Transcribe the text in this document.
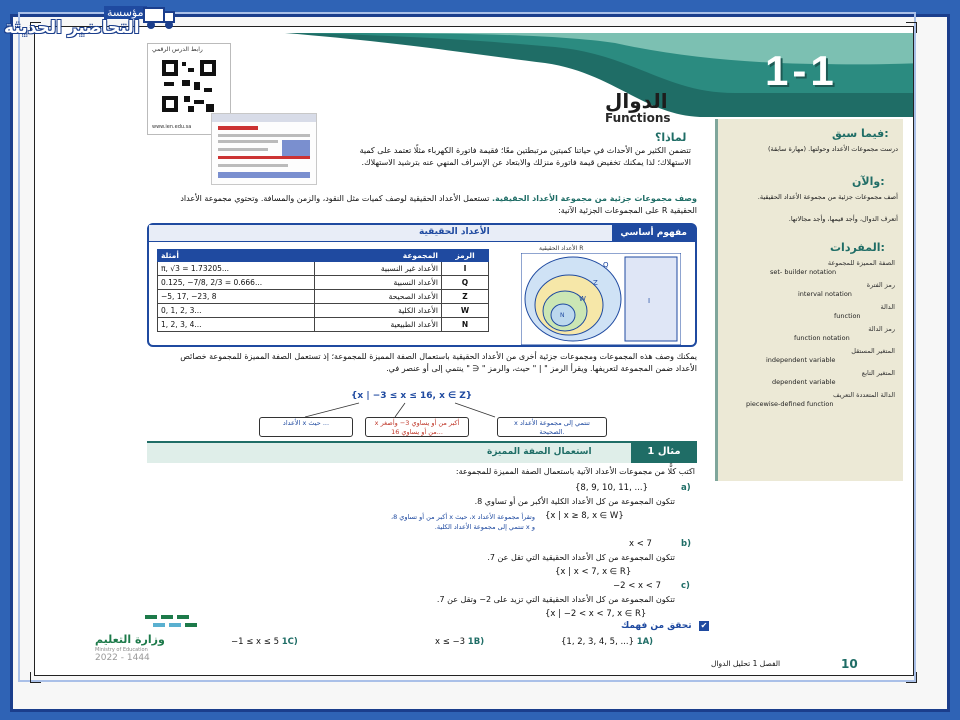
مؤسسة
التحاضير الحديثة
1-1
رابط الدرس الرقمي
www.ien.edu.sa
الدوال
Functions
لماذا؟
تتضمن الكثير من الأحداث في حياتنا كميتين مرتبطتين معًا؛ فقيمة فاتورة الكهرباء مثلًا تعتمد على كمية الاستهلاك؛ لذا يمكنك تخفيض قيمة فاتورة منزلك والابتعاد عن الإسراف المنهي عنه بترشيد الاستهلاك.
وصف مجموعات جزئية من مجموعة الأعداد الحقيقية. تستعمل الأعداد الحقيقية لوصف كميات مثل النقود، والزمن والمسافة. وتحتوي مجموعة الأعداد الحقيقية R على المجموعات الجزئية الآتية:
مفهوم أساسي
الأعداد الحقيقية
أمثلة	المجموعة	الرمز
π, √3 = 1.73205...	الأعداد غير النسبية	I
0.125, −7/8, 2/3 = 0.666...	الأعداد النسبية	Q
−5, 17, −23, 8	الأعداد الصحيحة	Z
0, 1, 2, 3...	الأعداد الكلية	W
1, 2, 3, 4...	الأعداد الطبيعية	N
الأعداد الحقيقية R
Q
Z
W
N
I
يمكنك وصف هذه المجموعات ومجموعات جزئية أخرى من الأعداد الحقيقية باستعمال الصفة المميزة للمجموعة؛ إذ تستعمل الصفة المميزة للمجموعة خصائص الأعداد ضمن المجموعة لتعريفها. ويقرأ الرمز " | " حيث، والرمز " ∈ " ينتمي إلى أو عنصر في.
{x | −3 ≤ x ≤ 16, x ∈ Z}
الأعداد x حيث ...	x أكبر من أو يساوي 3− وأصغر من أو يساوي 16...
x تنتمي إلى مجموعة الأعداد الصحيحة.
مثال 1
استعمال الصفة المميزة
اكتب كلًّا من مجموعات الأعداد الآتية باستعمال الصفة المميزة للمجموعة:
a)
{8, 9, 10, 11, ...}
تتكون المجموعة من كل الأعداد الكلية الأكبر من أو تساوي 8.
{x | x ≥ 8, x ∈ W}
وتقرأ مجموعة الأعداد x، حيث x أكبر من أو تساوي 8،
و x تنتمي إلى مجموعة الأعداد الكلية.
b)
x < 7
تتكون المجموعة من كل الأعداد الحقيقية التي تقل عن 7.
{x | x < 7, x ∈ R}
c)
−2 < x < 7
تتكون المجموعة من كل الأعداد الحقيقية التي تزيد على 2− وتقل عن 7.
{x | −2 < x < 7, x ∈ R}
✔
تحقق من فهمك
{1, 2, 3, 4, 5, ...} 1A)
x ≤ −3 1B)
−1 ≤ x ≤ 5 1C)
وزارة التعليم
Ministry of Education
2022 - 1444	10
الفصل 1 تحليل الدوال
فيما سبق:
درست مجموعات الأعداد وحولتها. (مهارة سابقة)
والآن:
أصف مجموعات جزئية من مجموعة الأعداد الحقيقية.
أتعرف الدوال، وأجد قيمها، وأجد مجالاتها.
المفردات:
الصفة المميزة للمجموعة
set- builder notation
رمز الفترة
interval notation
الدالة
function
رمز الدالة
function notation
المتغير المستقل
independent variable
المتغير التابع
dependent variable
الدالة المتعددة التعريف
piecewise-defined function
